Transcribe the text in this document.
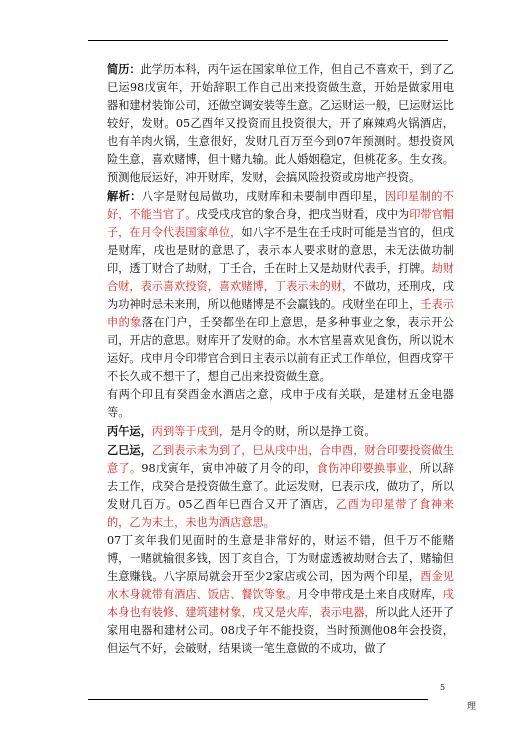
简历：此学历本科，丙午运在国家单位工作，但自己不喜欢干，到了乙巳运98戊寅年，开始辞职工作自己出来投资做生意，开始是做家用电器和建材装饰公司，还做空调安装等生意。乙运财运一般，巳运财运比较好，发财。05乙酉年又投资而且投资很大，开了麻辣鸡火锅酒店，也有羊肉火锅，生意很好，发财几百万至今到07年预测时。想投资风险生意，喜欢赌博，但十赌九输。此人婚姻稳定，但桃花多。生女孩。预测他辰运好，冲开财库，发财，会搞风险投资或房地产投资。

解析：八字是财包局做功，戌财库和未要制申酉印星，因印星制的不好，不能当官了。戌受戌戌官的象合身，把戌当财看，戌中为印带官帽子，在月令代表国家单位，如八字不是生在壬戌时可能是当官的，但戌是财库，戌也是财的意思了，表示本人要求财的意思，未无法做功制印，透丁财合了劫财，丁壬合，壬在时上又是劫财代表手，打牌。劫财合财，表示喜欢投资，喜欢赌博，丁表示未的财，不做功，还刑戌，戌为功神时忌未来刑，所以他赌博是不会赢钱的。戌财坐在印上，壬表示申的象落在门户，壬癸都坐在印上意思，是多种事业之象，表示开公司，开店的意思。财库开了发财的命。水木官星喜欢见食伤，所以说木运好。戌申月令印带官合到日主表示以前有正式工作单位，但酉戌穿干不长久或不想干了，想自己出来投资做生意。

有两个印且有癸酉金水酒店之意，戌申于戌有关联，是建材五金电器等。

丙午运，丙到等于戌到，是月令的财，所以是挣工资。

乙巳运，乙到表示未为到了，巳从戌中出，合申酉，财合印要投资做生意了。98戊寅年，寅申冲破了月令的印，食伤冲印要换事业，所以辞去工作，戌癸合是投资做生意了。此运发财，巳表示戌，做功了，所以发财几百万。05乙酉年巳酉合又开了酒店，乙酉为印星带了食神来的，乙为末土，未也为酒店意思。

07丁亥年我们见面时的生意是非常好的，财运不错，但千万不能赌博，一赌就输很多钱，因丁亥自合，丁为财虚透被劫财合去了，赌输但生意赚钱。八字原局就会开至少2家店或公司，因为两个印星，酉金见水木身就带有酒店、饭店、餐饮等象。月令申带戌是土来自戌财库，戌本身也有装修、建筑建材象，戌又是火库，表示电器，所以此人还开了家用电器和建材公司。08戊子年不能投资，当时预测他08年会投资，但运气不好，会破财，结果谈一笔生意做的不成功，做了

5
理
